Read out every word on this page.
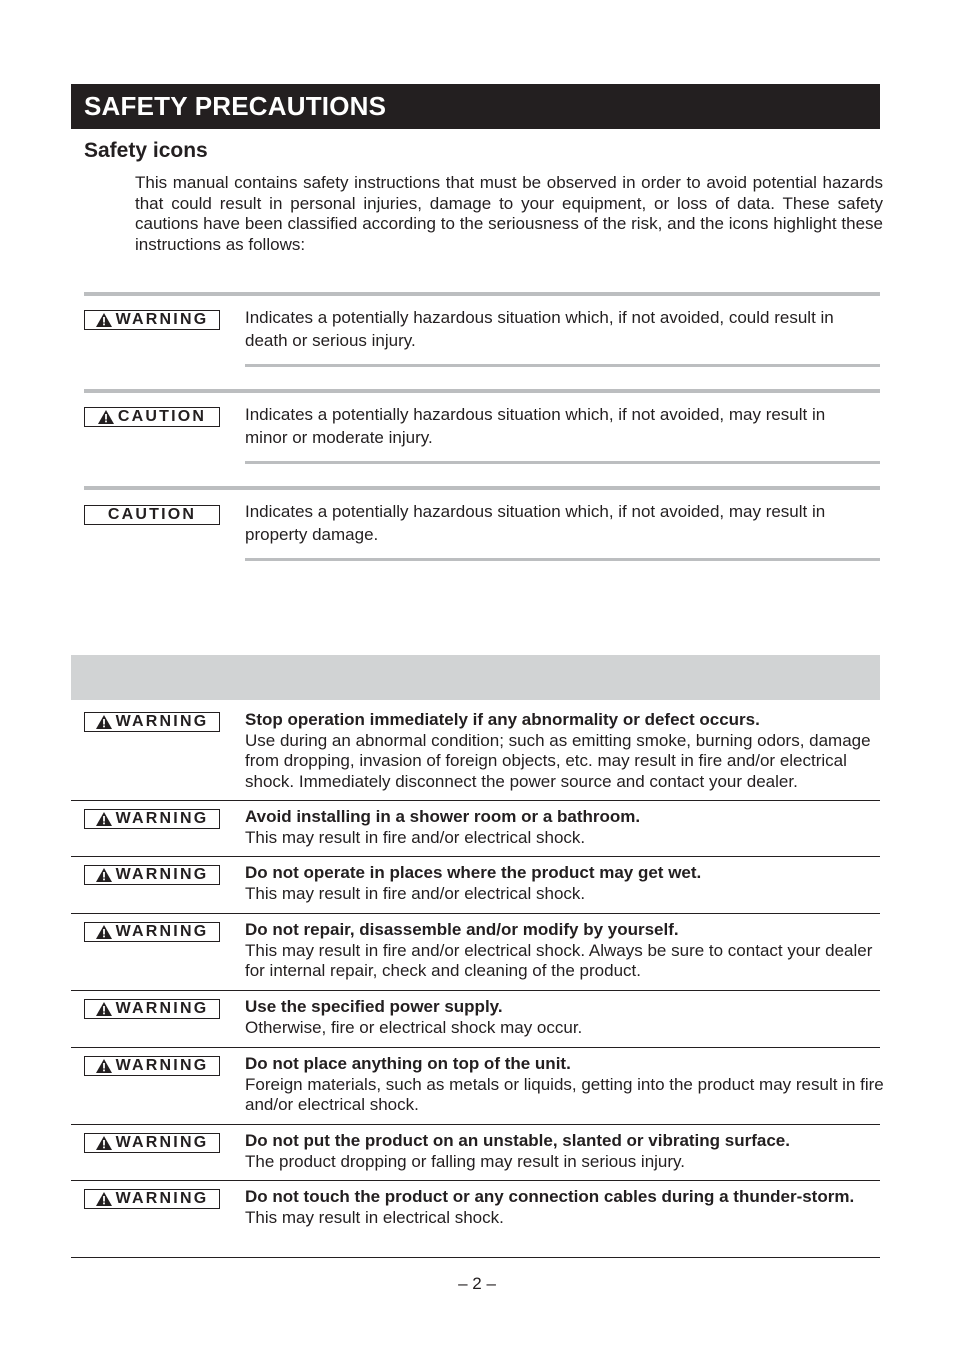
SAFETY PRECAUTIONS
Safety icons

This manual contains safety instructions that must be observed in order to avoid potential hazards that could result in personal injuries, damage to your equipment, or loss of data. These safety cautions have been classified according to the seriousness of the risk, and the icons highlight these instructions as follows:

WARNING Indicates a potentially hazardous situation which, if not avoided, could result in death or serious injury.
CAUTION Indicates a potentially hazardous situation which, if not avoided, may result in minor or moderate injury.
CAUTION	Indicates a potentially hazardous situation which, if not avoided, may result in property damage.
WARNING Stop operation immediately if any abnormality or defect occurs.
Use during an abnormal condition; such as emitting smoke, burning odors, damage from dropping, invasion of foreign objects, etc. may result in fire and/or electrical shock. Immediately disconnect the power source and contact your dealer.
WARNING Avoid installing in a shower room or a bathroom.
This may result in fire and/or electrical shock.
WARNING Do not operate in places where the product may get wet.
This may result in fire and/or electrical shock.
WARNING Do not repair, disassemble and/or modify by yourself.
This may result in fire and/or electrical shock. Always be sure to contact your dealer for internal repair, check and cleaning of the product.
WARNING Use the specified power supply.
Otherwise, fire or electrical shock may occur.
WARNING Do not place anything on top of the unit.
Foreign materials, such as metals or liquids, getting into the product may result in fire and/or electrical shock.
WARNING Do not put the product on an unstable, slanted or vibrating surface.
The product dropping or falling may result in serious injury.
WARNING Do not touch the product or any connection cables during a thunder-storm.
This may result in electrical shock.
– 2 –
